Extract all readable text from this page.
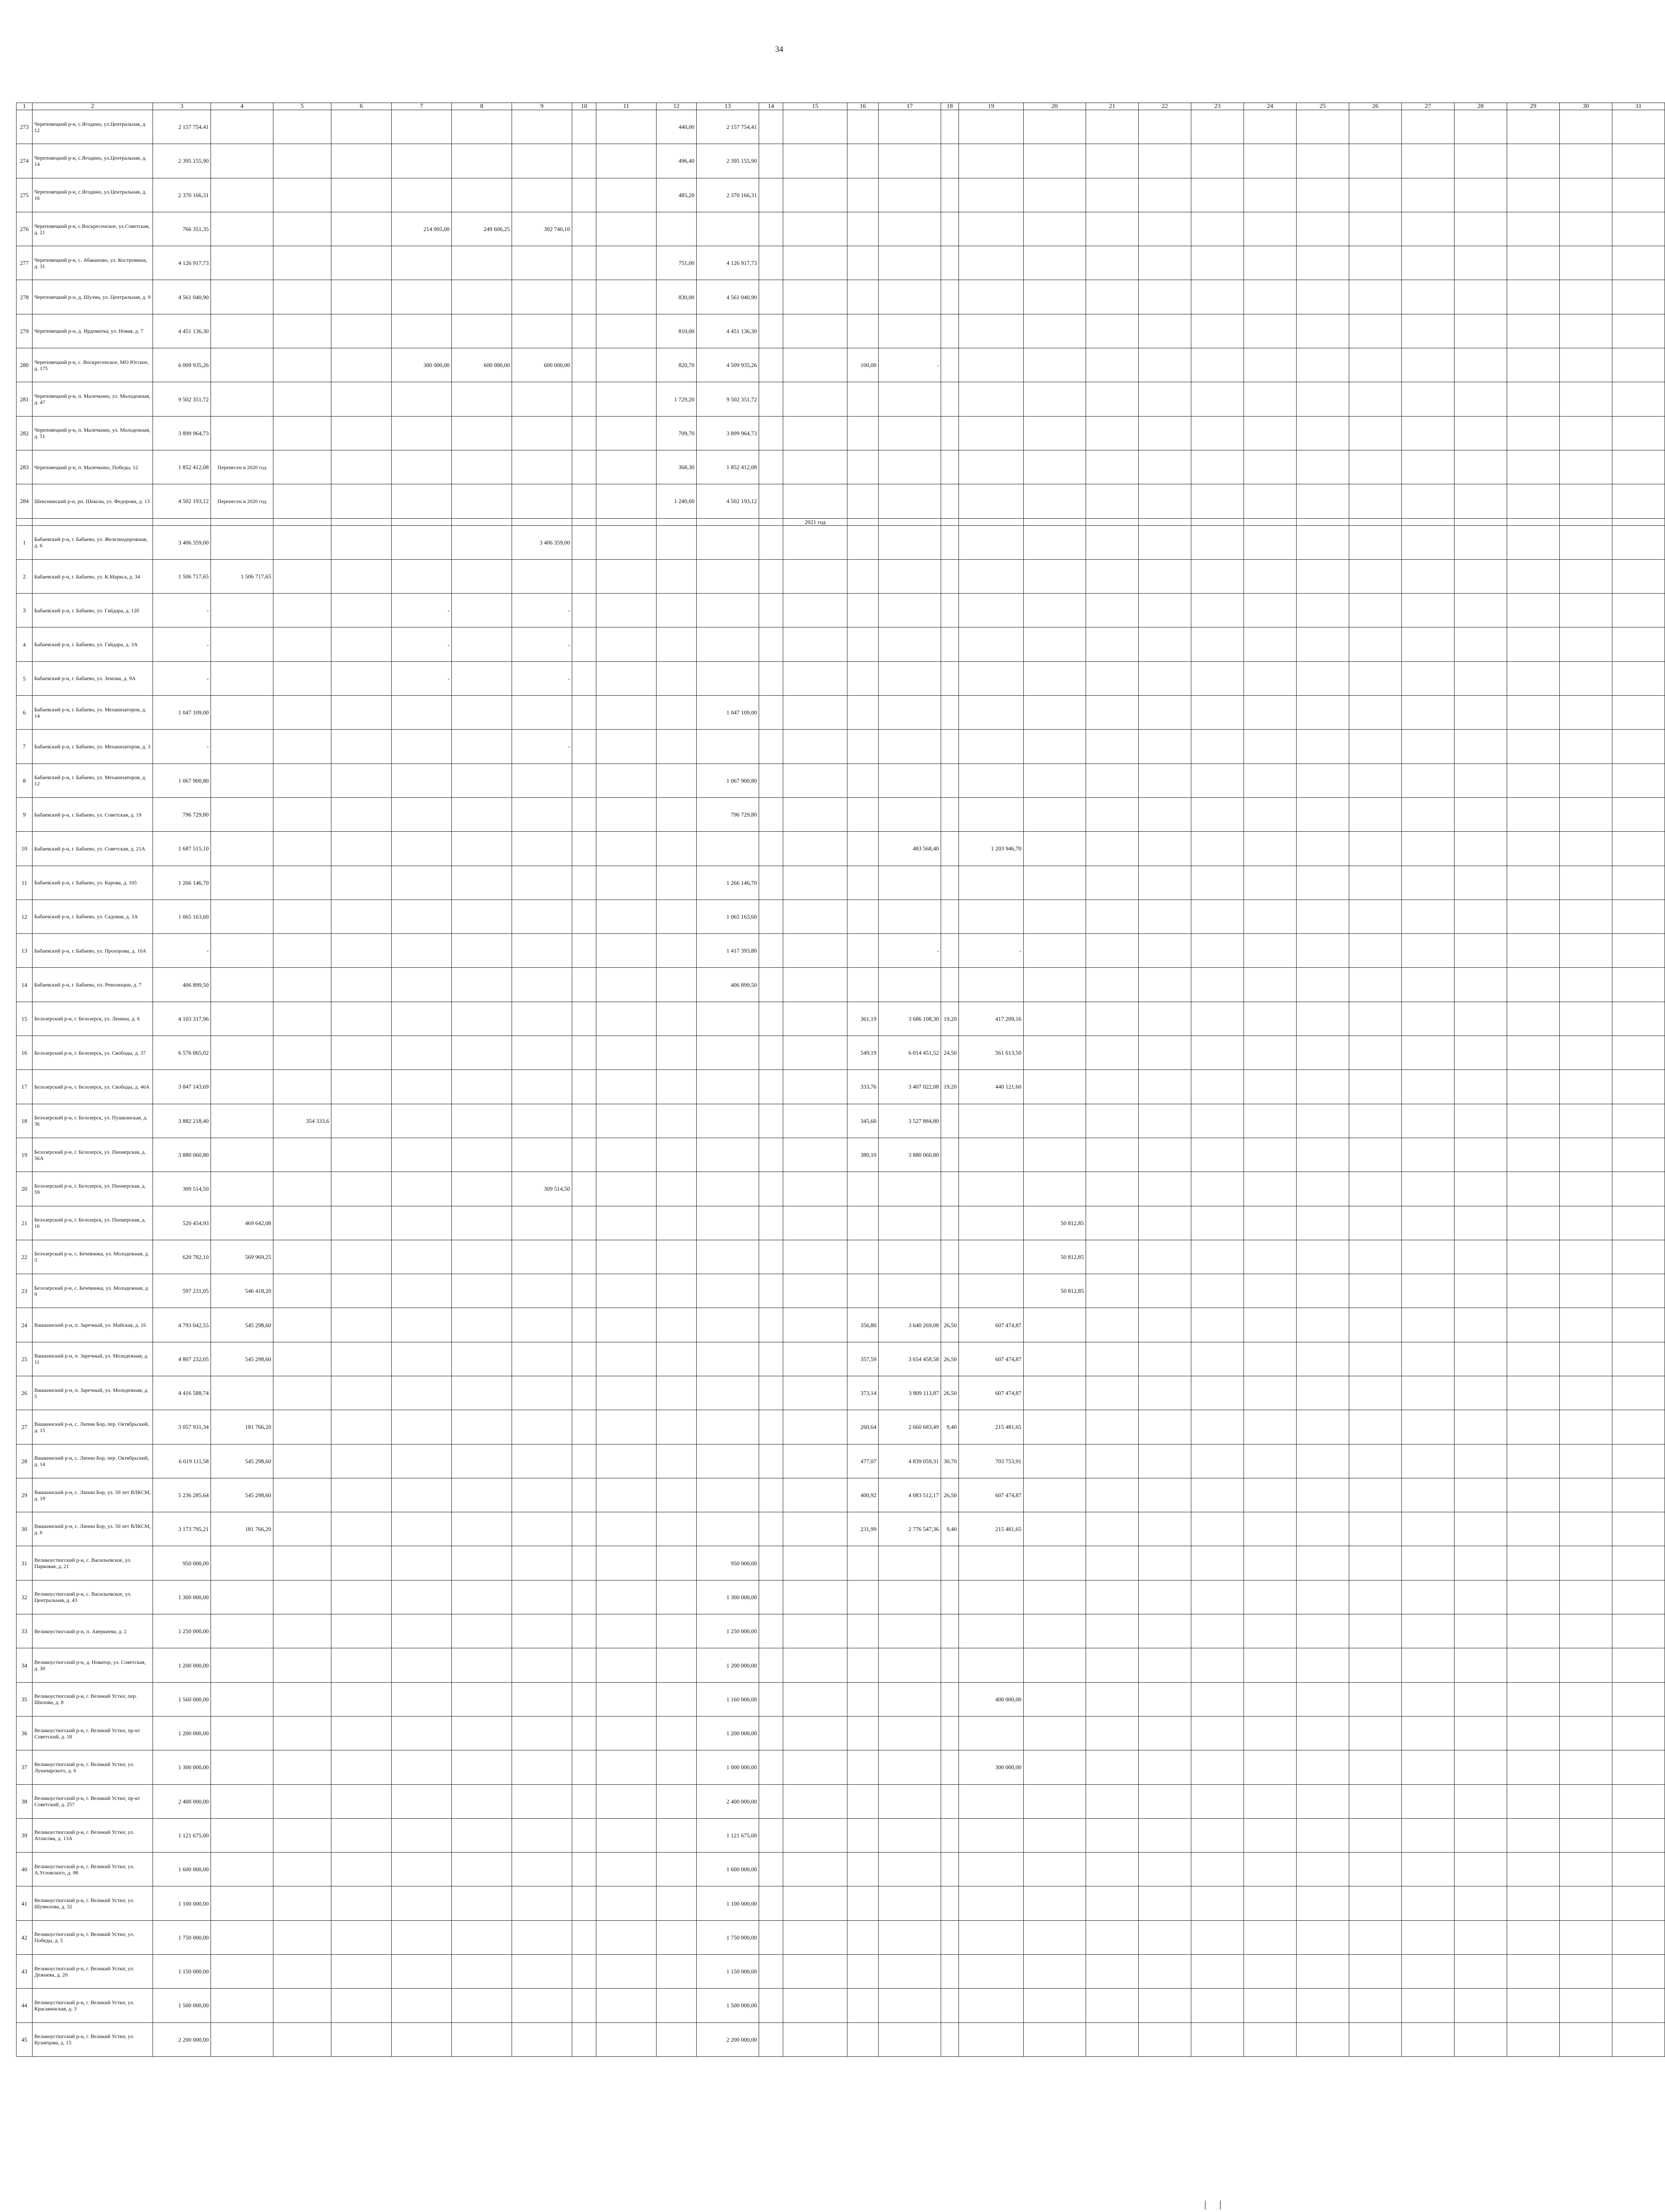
34
1	2	3	4	5	6	7	8	9	10	11	12	13	14	15	16	17	18	19	20	21	22	23	24	25	26	27	28	29	30	31
273	Череповецкий р-н, с.Ягодино, ул.Центральная, д. 12	2 157 754,41									440,00	2 157 754,41																		
274	Череповецкий р-н, с.Ягодино, ул.Центральная, д. 14	2 395 155,90									496,40	2 395 155,90																		
275	Череповецкий р-н, с.Ягодино, ул.Центральная, д. 16	2 370 166,31									485,20	2 370 166,31																		
276	Череповецкий р-н, с.Воскресенское, ул.Советская, д. 21	766 351,35				214 005,00	249 606,25	302 740,10																						
277	Череповецкий р-н, с. Абакановo, ул. Костромина, д. 31	4 126 917,73									751,00	4 126 917,73																		
278	Череповецкий р-н, д. Шулма, ул. Центральная, д. 9	4 561 040,90									830,00	4 561 040,90																		
279	Череповецкий р-н, д. Ирдоматка, ул. Новая, д. 7	4 451 136,30									810,00	4 451 136,30																		
280	Череповецкий р-н, с. Воскресенское, МО Югское, д. 175	6 009 935,26				300 000,00	600 000,00	600 000,00			820,70	4 509 935,26			100,00	-														
281	Череповецкий р-н, п. Малечкино, ул. Молодежная, д. 47	9 502 351,72									1 729,20	9 502 351,72																		
282	Череповецкий р-н, п. Малечкино, ул. Молодежная, д. 51	3 899 964,73									709,70	3 899 964,73																		
283	Череповецкий р-н, п. Малечкино, Победы, 12	1 852 412,08	Перенесен в 2020 год								368,30	1 852 412,08																		
284	Шекснинский р-н, рп. Шексна, ул. Федорова, д. 13	4 502 193,12	Перенесен в 2020 год								1 240,60	4 502 193,12																		
														2021 год																
1	Бабаевский р-н, г. Бабаево, ул. Железнодорожная, д. 6	3 406 359,00						3 406 359,00																						
2	Бабаевский р-н, г. Бабаево, ул. К.Маркса, д. 34	1 506 717,65	1 506 717,65																											
3	Бабаевский р-н, г. Бабаево, ул. Гайдара, д. 12б	-				-		-																						
4	Бабаевский р-н, г. Бабаево, ул. Гайдара, д. 3А	-				-		-																						
5	Бабаевский р-н, г. Бабаево, ул. Землиа, д. 9А	-				-		-																						
6	Бабаевский р-н, г. Бабаево, ул. Механизаторов, д. 14	1 047 109,00										1 047 109,00																		
7	Бабаевский р-н, г. Бабаево, ул. Механизаторов, д. 3	-						-																						
8	Бабаевский р-н, г. Бабаево, ул. Механизаторов, д. 12	1 067 900,80										1 067 900,80																		
9	Бабаевский р-н, г. Бабаево, ул. Советская, д. 19	796 729,80										796 729,80																		
10	Бабаевский р-н, г. Бабаево, ул. Советская, д. 21А	1 687 515,10														483 568,40		1 203 946,70												
11	Бабаевский р-н, г. Бабаево, ул. Карова, д. 105	1 266 146,70										1 266 146,70																		
12	Бабаевский р-н, г. Бабаево, ул. Садовая, д. 3А	1 065 163,60										1 065 163,60																		
13	Бабаевский р-н, г. Бабаево, ул. Прохорова, д. 10А	-										1 417 393,80				-		-												
14	Бабаевский р-н, г. Бабаево, пл. Революции, д. 7	406 899,50										406 899,50																		
15	Белозерский р-н, г. Белозерск, ул. Ленина, д. 6	4 103 317,96													361,19	3 686 108,30	19,20	417 209,16												
16	Белозерский р-н, г. Белозерск, ул. Свободы, д. 37	6 576 065,02													549,19	6 014 451,52	24,50	561 613,50												
17	Белозерский р-н, г. Белозерск, ул. Свободы, д. 46А	3 847 143,69													333,76	3 407 022,08	19,20	440 121,60												
18	Белозерский р-н, г. Белозерск, ул. Пушкинская, д. 36	3 882 218,40		354 333,6											345,60	3 527 884,80														
19	Белозерский р-н, г. Белозерск, ул. Пионерская, д. 56А	3 880 060,80													380,10	3 880 060,80														
20	Белозерский р-н, г. Белозерск, ул. Пионерская, д. 59	309 514,50						309 514,50																						
21	Белозерский р-н, г. Белозерск, ул. Пионерская, д. 16	520 454,93	469 642,08																50 812,85											
22	Белозерский р-н, с. Бечевинка, ул. Молодежная, д. 3	620 782,10	569 969,25																50 812,85											
23	Белозерский р-н, с. Бечевинка, ул. Молодежная, д. 9	597 231,05	546 418,20																50 812,85											
24	Вашкинский р-н, п. Заречный, ул. Майская, д. 16	4 793 042,55	545 298,60												356,80	3 640 269,08	26,50	607 474,87												
25	Вашкинский р-н, п. Заречный, ул. Молодежная, д. 11	4 807 232,05	545 298,60												357,59	3 654 458,58	26,50	607 474,87												
26	Вашкинский р-н, п. Заречный, ул. Молодежная, д. 5	4 416 588,74													373,14	3 809 113,87	26,50	607 474,87												
27	Вашкинский р-н, с. Липин Бор, пер. Октябрьский, д. 15	3 057 931,34	181 766,20												260,64	2 660 683,49	9,40	215 481,65												
28	Вашкинский р-н, с. Липин Бор, пер. Октябрьский, д. 14	6 019 111,58	545 298,60												477,07	4 839 059,31	30,70	703 753,91												
29	Вашкинский р-н, с. Липин Бор, ул. 50 лет ВЛКСМ, д. 19	5 236 285,64	545 298,60												400,92	4 083 512,17	26,50	607 474,87												
30	Вашкинский р-н, с. Липин Бор, ул. 50 лет ВЛКСМ, д. 6	3 173 795,21	181 766,20												231,99	2 776 547,36	9,40	215 481,65												
31	Великоустюгский р-н, с. Васильевское, ул. Парковая, д. 21	950 000,00										950 000,00																		
32	Великоустюгский р-н, с. Васильевское, ул. Центральная, д. 43	1 300 000,00										1 300 000,00																		
33	Великоустюгский р-н, п. Аверкиева, д. 2	1 250 000,00										1 250 000,00																		
34	Великоустюгский р-н, д. Новатор, ул. Советская, д. 30	1 200 000,00										1 200 000,00																		
35	Великоустюгский р-н, г. Великий Устюг, пер. Шилова, д. 8	1 560 000,00										1 160 000,00						400 000,00												
36	Великоустюгский р-н, г. Великий Устюг, пр-кт Советский, д. 18	1 200 000,00										1 200 000,00																		
37	Великоустюгский р-н, г. Великий Устюг, ул. Луначарского, д. 6	1 300 000,00										1 000 000,00						300 000,00												
38	Великоустюгский р-н, г. Великий Устюг, пр-кт Советский, д. 257	2 400 000,00										2 400 000,00																		
39	Великоустюгский р-н, г. Великий Устюг, ул. Атласова, д. 13А	1 121 675,00										1 121 675,00																		
40	Великоустюгский р-н, г. Великий Устюг, ул. А.Угловского, д. 98	1 600 000,00										1 600 000,00																		
41	Великоустюгский р-н, г. Великий Устюг, ул. Шумилова, д. 32	1 100 000,00										1 100 000,00																		
42	Великоустюгский р-н, г. Великий Устюг, ул. Победы, д. 5	1 750 000,00										1 750 000,00																		
43	Великоустюгский р-н, г. Великий Устюг, ул. Дежнева, д. 20	1 150 000,00										1 150 000,00																		
44	Великоустюгский р-н, г. Великий Устюг, ул. Красавинская, д. 3	1 500 000,00										1 500 000,00																		
45	Великоустюгский р-н, г. Великий Устюг, ул. Кузнецова, д. 15	2 200 000,00										2 200 000,00																		
| |
